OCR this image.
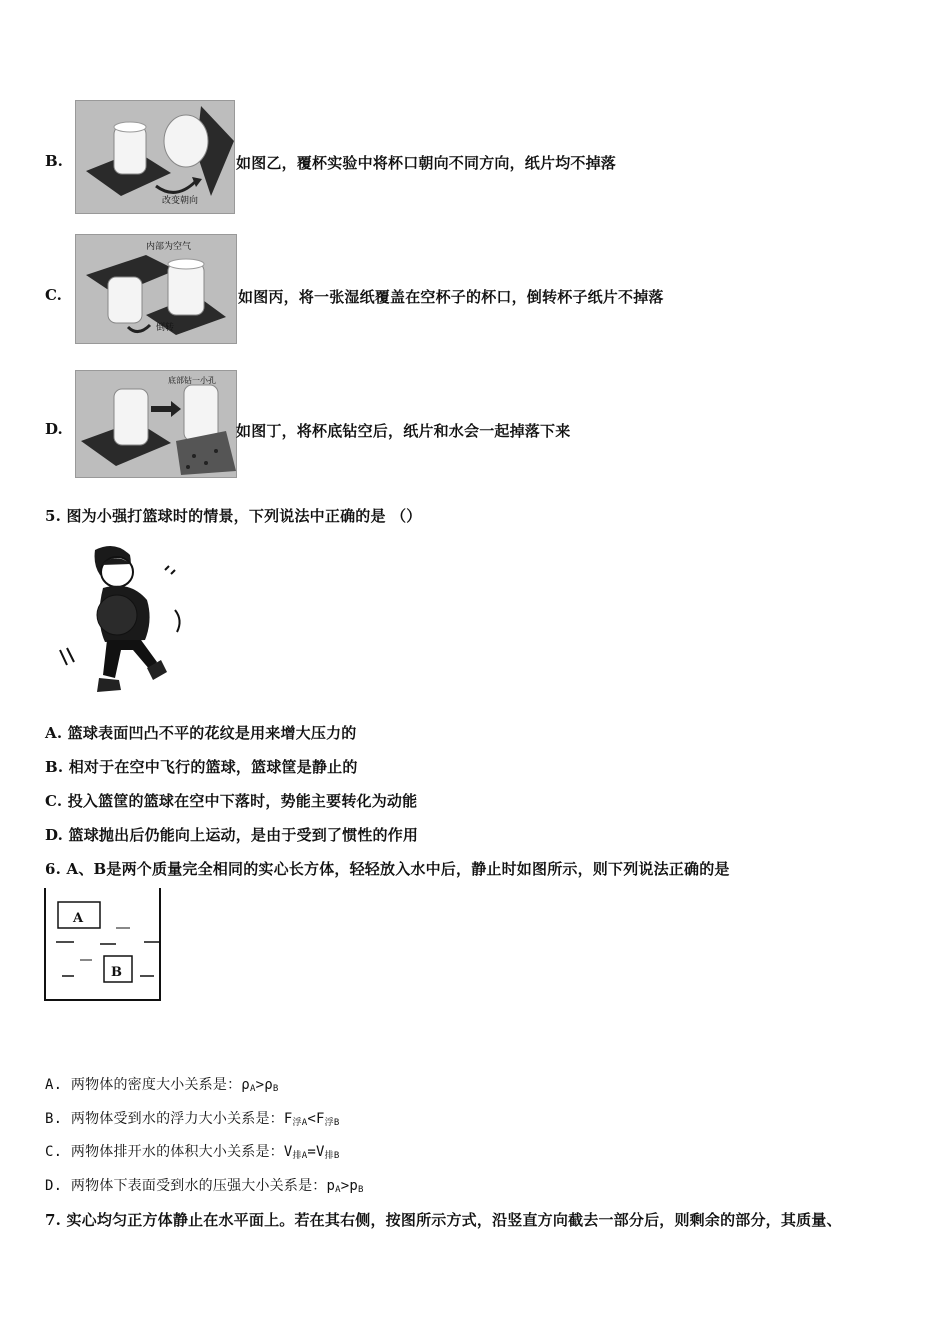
B.
改变朝向
如图乙，覆杯实验中将杯口朝向不同方向，纸片均不掉落
C.
内部为空气
倒转
如图丙，将一张湿纸覆盖在空杯子的杯口，倒转杯子纸片不掉落
D.
底部钻一小孔
如图丁，将杯底钻空后，纸片和水会一起掉落下来
5. 图为小强打篮球时的情景，下列说法中正确的是 （）
A. 篮球表面凹凸不平的花纹是用来增大压力的
B. 相对于在空中飞行的篮球，篮球筐是静止的
C. 投入篮筐的篮球在空中下落时，势能主要转化为动能
D. 篮球抛出后仍能向上运动，是由于受到了惯性的作用
6. A、B是两个质量完全相同的实心长方体，轻轻放入水中后，静止时如图所示，则下列说法正确的是
A
B
A. 两物体的密度大小关系是：$\rho_A>\rho_B$
B. 两物体受到水的浮力大小关系是：$F_{浮A}<F_{浮B}$
C. 两物体排开水的体积大小关系是：$V_{排A}=V_{排B}$
D. 两物体下表面受到水的压强大小关系是：$p_A>p_B$
7. 实心均匀正方体静止在水平面上。若在其右侧，按图所示方式，沿竖直方向截去一部分后，则剩余的部分，其质量、
